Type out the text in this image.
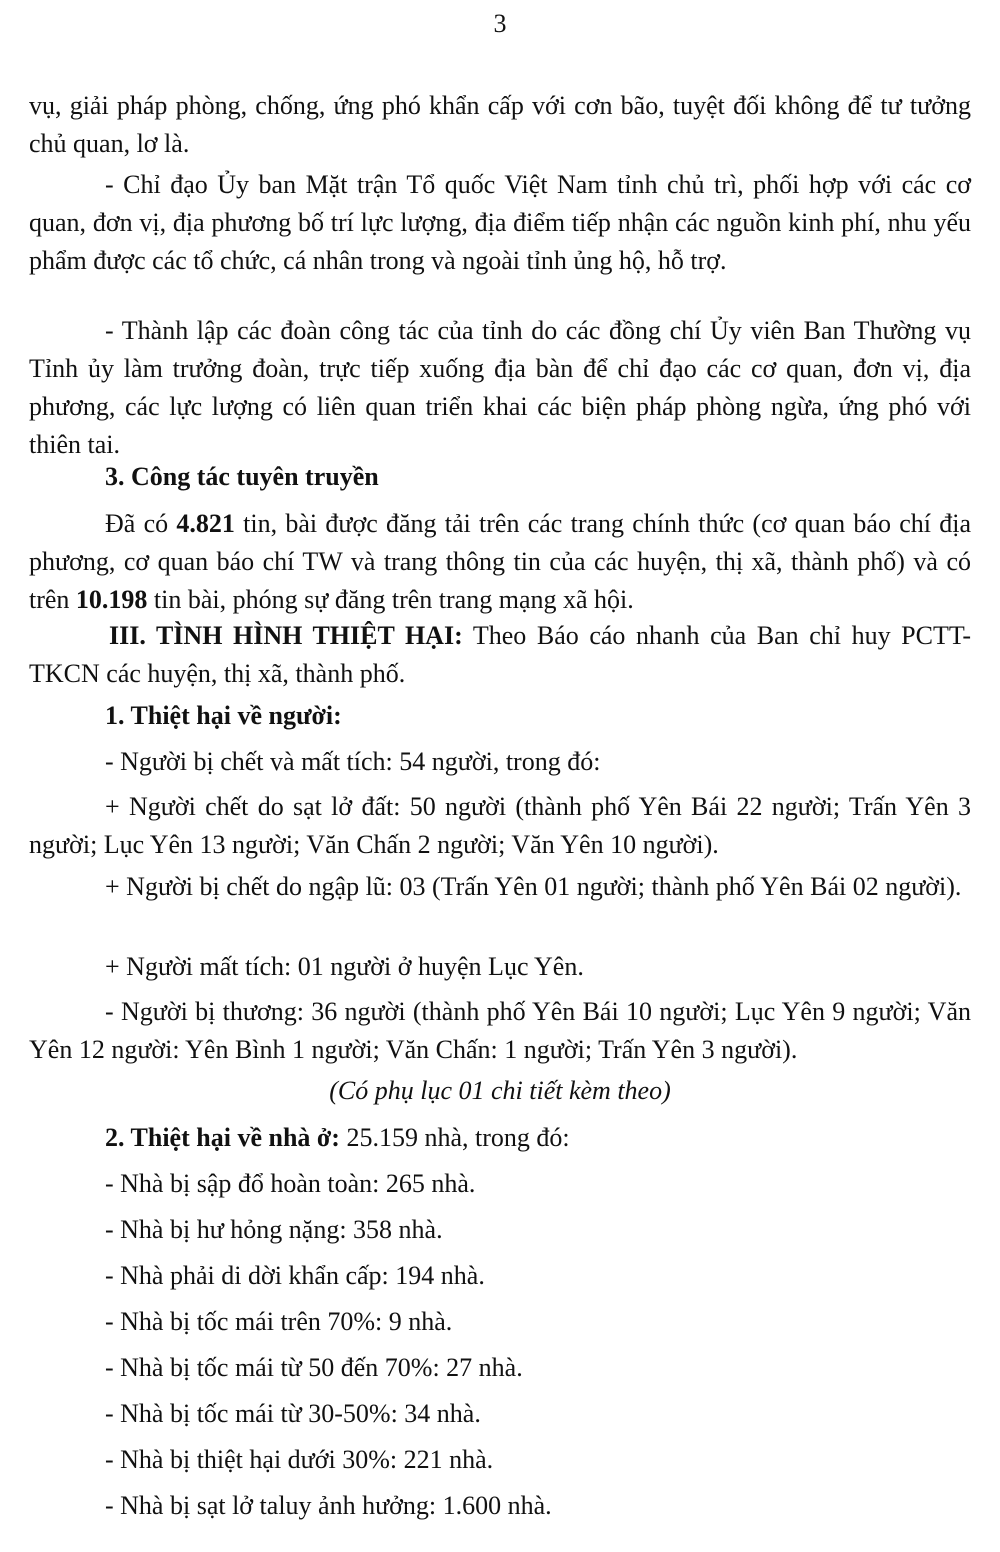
3
vụ, giải pháp phòng, chống, ứng phó khẩn cấp với cơn bão, tuyệt đối không để tư tưởng chủ quan, lơ là.
- Chỉ đạo Ủy ban Mặt trận Tổ quốc Việt Nam tỉnh chủ trì, phối hợp với các cơ quan, đơn vị, địa phương bố trí lực lượng, địa điểm tiếp nhận các nguồn kinh phí, nhu yếu phẩm được các tổ chức, cá nhân trong và ngoài tỉnh ủng hộ, hỗ trợ.
- Thành lập các đoàn công tác của tỉnh do các đồng chí Ủy viên Ban Thường vụ Tỉnh ủy làm trưởng đoàn, trực tiếp xuống địa bàn để chỉ đạo các cơ quan, đơn vị, địa phương, các lực lượng có liên quan triển khai các biện pháp phòng ngừa, ứng phó với thiên tai.
3. Công tác tuyên truyền
Đã có 4.821 tin, bài được đăng tải trên các trang chính thức (cơ quan báo chí địa phương, cơ quan báo chí TW và trang thông tin của các huyện, thị xã, thành phố) và có trên 10.198 tin bài, phóng sự đăng trên trang mạng xã hội.
III. TÌNH HÌNH THIỆT HẠI: Theo Báo cáo nhanh của Ban chỉ huy PCTT-TKCN các huyện, thị xã, thành phố.
1. Thiệt hại về người:
- Người bị chết và mất tích: 54 người, trong đó:
+ Người chết do sạt lở đất: 50 người (thành phố Yên Bái 22 người; Trấn Yên 3 người; Lục Yên 13 người; Văn Chấn 2 người; Văn Yên 10 người).
+ Người bị chết do ngập lũ: 03 (Trấn Yên 01 người; thành phố Yên Bái 02 người).
+ Người mất tích: 01 người ở huyện Lục Yên.
- Người bị thương: 36 người (thành phố Yên Bái 10 người; Lục Yên 9 người; Văn Yên 12 người: Yên Bình 1 người; Văn Chấn: 1 người; Trấn Yên 3 người).
(Có phụ lục 01 chi tiết kèm theo)
2. Thiệt hại về nhà ở: 25.159 nhà, trong đó:
- Nhà bị sập đổ hoàn toàn: 265 nhà.
- Nhà bị hư hỏng nặng: 358 nhà.
- Nhà phải di dời khẩn cấp: 194 nhà.
- Nhà bị tốc mái trên 70%: 9 nhà.
- Nhà bị tốc mái từ 50 đến 70%: 27 nhà.
- Nhà bị tốc mái từ 30-50%: 34 nhà.
- Nhà bị thiệt hại dưới 30%: 221 nhà.
- Nhà bị sạt lở taluy ảnh hưởng: 1.600 nhà.
